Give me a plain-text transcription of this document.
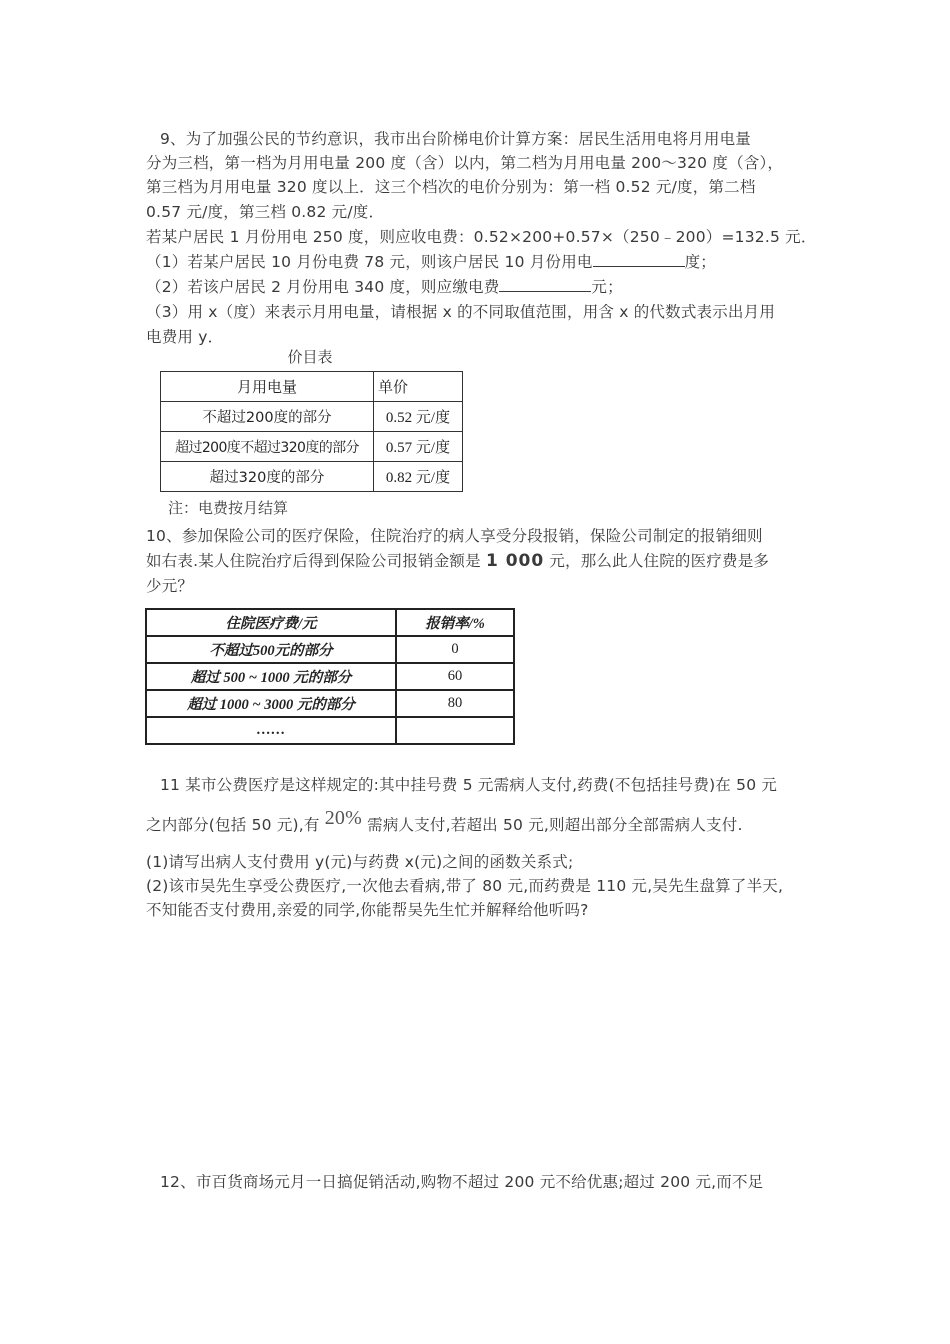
9、为了加强公民的节约意识，我市出台阶梯电价计算方案：居民生活用电将月用电量
分为三档，第一档为月用电量 200 度（含）以内，第二档为月用电量 200～320 度（含），
第三档为月用电量 320 度以上．这三个档次的电价分别为：第一档 0.52 元/度，第二档
0.57 元/度，第三档 0.82 元/度．
若某户居民 1 月份用电 250 度，则应收电费：0.52×200+0.57×（250﹣200）=132.5 元．
（1）若某户居民 10 月份电费 78 元，则该户居民 10 月份用电	度；
（2）若该户居民 2 月份用电 340 度，则应缴电费	元；
（3）用 x（度）来表示月用电量，请根据 x 的不同取值范围，用含 x 的代数式表示出月用
电费用 y．
价目表
月用电量	单价
不超过200度的部分	0.52 元/度
超过200度不超过320度的部分	0.57 元/度
超过320度的部分	0.82 元/度
注：电费按月结算
10、参加保险公司的医疗保险，住院治疗的病人享受分段报销，保险公司制定的报销细则
如右表.某人住院治疗后得到保险公司报销金额是 1 000 元，那么此人住院的医疗费是多
少元？
住院医疗费/元	报销率/%
不超过500元的部分	0
超过 500 ~ 1000 元的部分	60
超过 1000 ~ 3000 元的部分	80
……	
11 某市公费医疗是这样规定的:其中挂号费 5 元需病人支付,药费(不包括挂号费)在 50 元
之内部分(包括 50 元),有 20% 需病人支付,若超出 50 元,则超出部分全部需病人支付.
(1)请写出病人支付费用 y(元)与药费 x(元)之间的函数关系式;
(2)该市吴先生享受公费医疗,一次他去看病,带了 80 元,而药费是 110 元,吴先生盘算了半天,
不知能否支付费用,亲爱的同学,你能帮吴先生忙并解释给他听吗?
12、市百货商场元月一日搞促销活动,购物不超过 200 元不给优惠;超过 200 元,而不足
